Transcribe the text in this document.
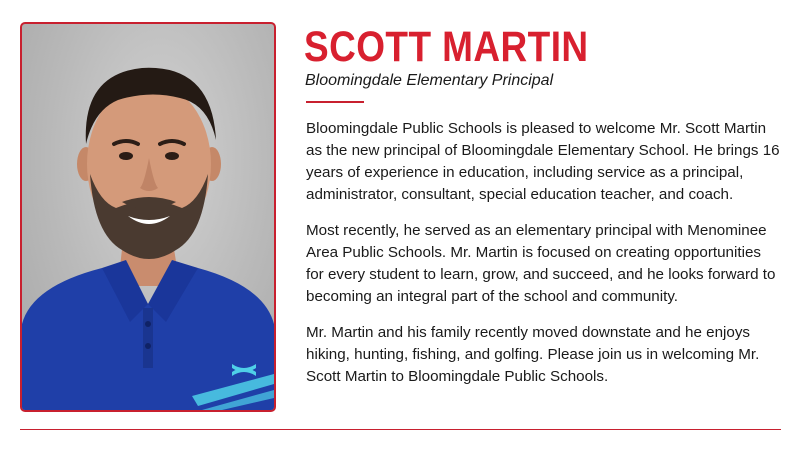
SCOTT MARTIN
Bloomingdale Elementary Principal

Bloomingdale Public Schools is pleased to welcome Mr. Scott Martin as the new principal of Bloomingdale Elementary School. He brings 16 years of experience in education, including service as a principal, administrator, consultant, special education teacher, and coach.

Most recently, he served as an elementary principal with Menominee Area Public Schools. Mr. Martin is focused on creating opportunities for every student to learn, grow, and succeed, and he looks forward to becoming an integral part of the school and community.

Mr. Martin and his family recently moved downstate and he enjoys hiking, hunting, fishing, and golfing. Please join us in welcoming Mr. Scott Martin to Bloomingdale Public Schools.
